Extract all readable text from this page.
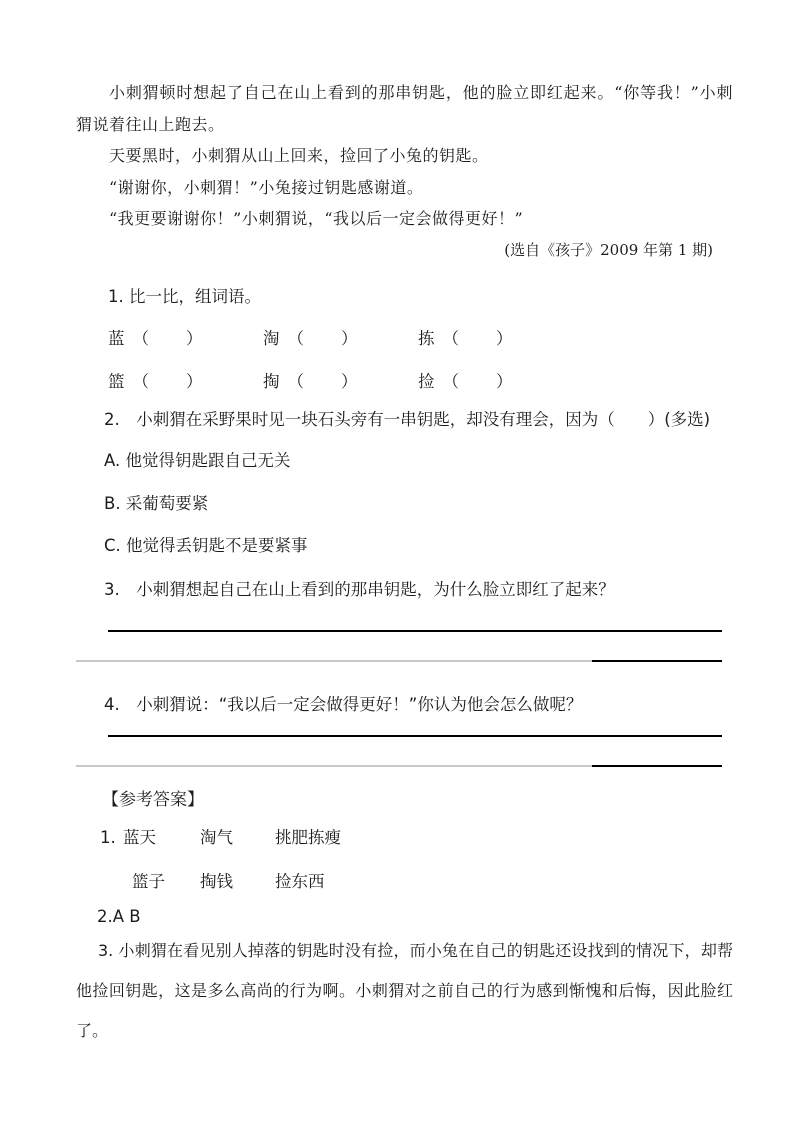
小刺猬顿时想起了自己在山上看到的那串钥匙，他的脸立即红起来。“你等我！”小刺猬说着往山上跑去。

天要黑时，小刺猬从山上回来，捡回了小兔的钥匙。

“谢谢你，小刺猬！”小兔接过钥匙感谢道。

“我更要谢谢你！”小刺猬说，“我以后一定会做得更好！”

(选自《孩子》2009 年第 1 期)

1. 比一比，组词语。

蓝 （ ）	淘 （ ）	拣 （ ）
篮 （ ）	掏 （ ）	捡 （ ）

2.　小刺猬在采野果时见一块石头旁有一串钥匙，却没有理会，因为（　　）(多选)

A. 他觉得钥匙跟自己无关
B. 采葡萄要紧
C. 他觉得丢钥匙不是要紧事

3.　小刺猬想起自己在山上看到的那串钥匙，为什么脸立即红了起来？

4.　小刺猬说：“我以后一定会做得更好！”你认为他会怎么做呢？

【参考答案】
1. 蓝天	淘气	挑肥拣瘦
篮子	掏钱	捡东西
2.A B

3. 小刺猬在看见别人掉落的钥匙时没有捡，而小兔在自己的钥匙还设找到的情况下，却帮他捡回钥匙，这是多么高尚的行为啊。小刺猬对之前自己的行为感到惭愧和后悔，因此脸红了。
